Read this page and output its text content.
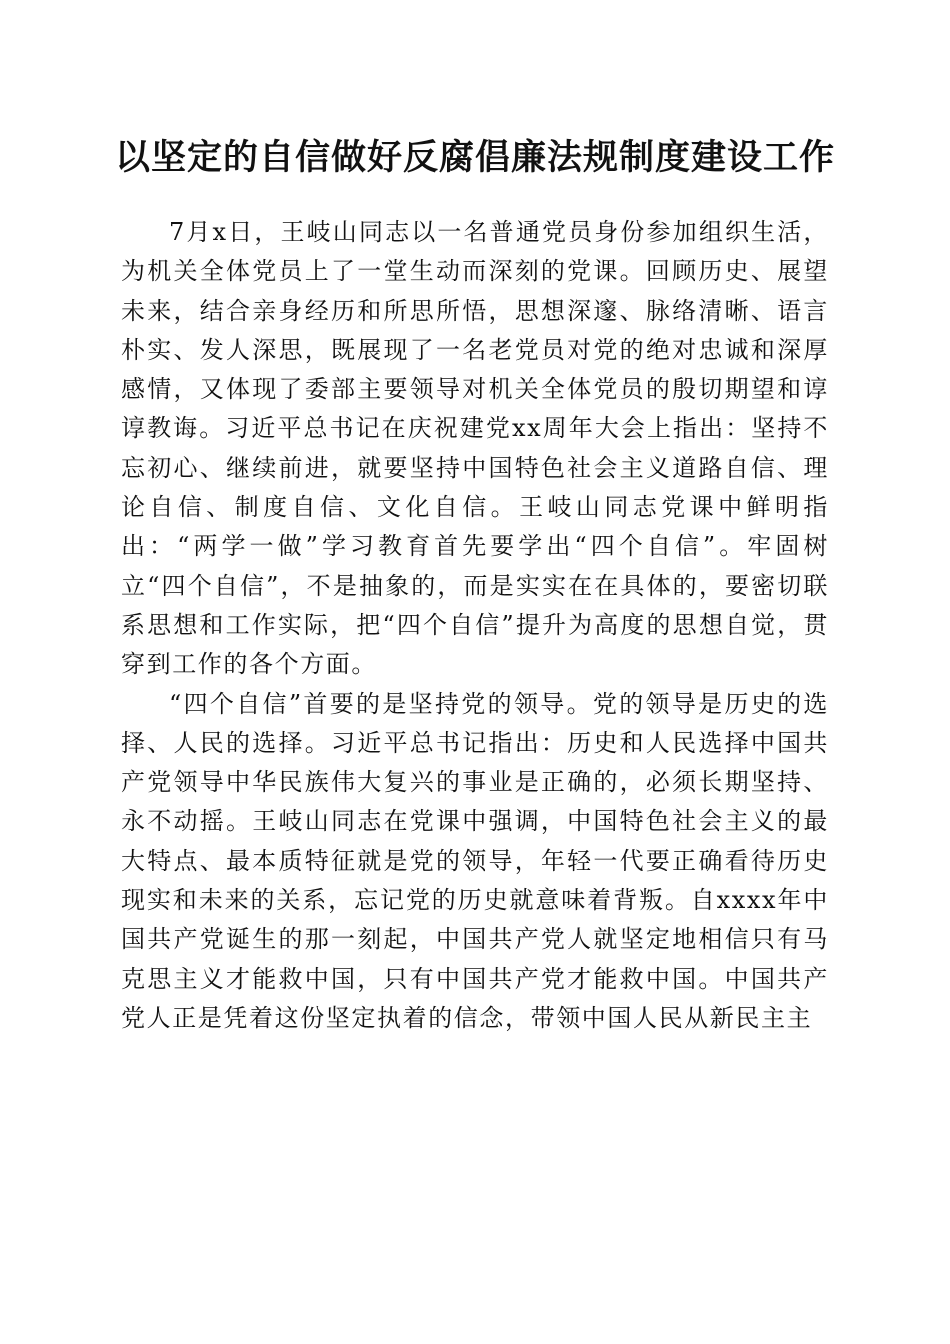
以坚定的自信做好反腐倡廉法规制度建设工作

7月x日，王岐山同志以一名普通党员身份参加组织生活，为机关全体党员上了一堂生动而深刻的党课。回顾历史、展望未来，结合亲身经历和所思所悟，思想深邃、脉络清晰、语言朴实、发人深思，既展现了一名老党员对党的绝对忠诚和深厚感情，又体现了委部主要领导对机关全体党员的殷切期望和谆谆教诲。习近平总书记在庆祝建党xx周年大会上指出：坚持不忘初心、继续前进，就要坚持中国特色社会主义道路自信、理论自信、制度自信、文化自信。王岐山同志党课中鲜明指出：“两学一做”学习教育首先要学出“四个自信”。牢固树立“四个自信”，不是抽象的，而是实实在在具体的，要密切联系思想和工作实际，把“四个自信”提升为高度的思想自觉，贯穿到工作的各个方面。

“四个自信”首要的是坚持党的领导。党的领导是历史的选择、人民的选择。习近平总书记指出：历史和人民选择中国共产党领导中华民族伟大复兴的事业是正确的，必须长期坚持、永不动摇。王岐山同志在党课中强调，中国特色社会主义的最大特点、最本质特征就是党的领导，年轻一代要正确看待历史现实和未来的关系，忘记党的历史就意味着背叛。自xxxx年中国共产党诞生的那一刻起，中国共产党人就坚定地相信只有马克思主义才能救中国，只有中国共产党才能救中国。中国共产党人正是凭着这份坚定执着的信念，带领中国人民从新民主主
